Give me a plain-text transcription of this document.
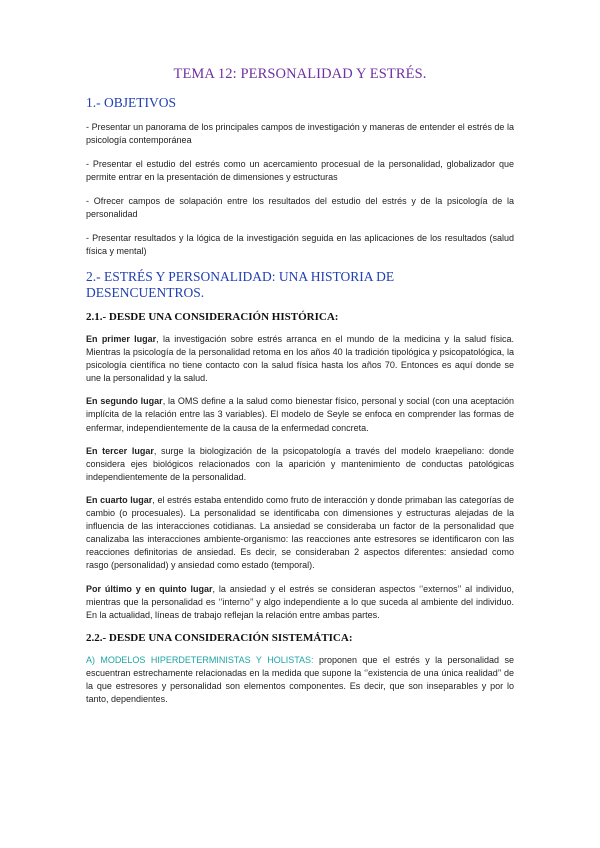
TEMA 12: PERSONALIDAD Y ESTRÉS.
1.- OBJETIVOS

- Presentar un panorama de los principales campos de investigación y maneras de entender el estrés de la psicología contemporánea

- Presentar el estudio del estrés como un acercamiento procesual de la personalidad, globalizador que permite entrar en la presentación de dimensiones y estructuras

- Ofrecer campos de solapación entre los resultados del estudio del estrés y de la psicología de la personalidad

- Presentar resultados y la lógica de la investigación seguida en las aplicaciones de los resultados (salud física y mental)

2.- ESTRÉS Y PERSONALIDAD: UNA HISTORIA DE DESENCUENTROS.
2.1.- DESDE UNA CONSIDERACIÓN HISTÓRICA:

En primer lugar, la investigación sobre estrés arranca en el mundo de la medicina y la salud física. Mientras la psicología de la personalidad retoma en los años 40 la tradición tipológica y psicopatológica, la psicología científica no tiene contacto con la salud física hasta los años 70. Entonces es aquí donde se une la personalidad y la salud.

En segundo lugar, la OMS define a la salud como bienestar físico, personal y social (con una aceptación implícita de la relación entre las 3 variables). El modelo de Seyle se enfoca en comprender las formas de enfermar, independientemente de la causa de la enfermedad concreta.

En tercer lugar, surge la biologización de la psicopatología a través del modelo kraepeliano: donde considera ejes biológicos relacionados con la aparición y mantenimiento de conductas patológicas independientemente de la personalidad.

En cuarto lugar, el estrés estaba entendido como fruto de interacción y donde primaban las categorías de cambio (o procesuales). La personalidad se identificaba con dimensiones y estructuras alejadas de la influencia de las interacciones cotidianas. La ansiedad se consideraba un factor de la personalidad que canalizaba las interacciones ambiente-organismo: las reacciones ante estresores se identificaron con las reacciones definitorias de ansiedad. Es decir, se consideraban 2 aspectos diferentes: ansiedad como rasgo (personalidad) y ansiedad como estado (temporal).

Por último y en quinto lugar, la ansiedad y el estrés se consideran aspectos ‘’externos’’ al individuo, mientras que la personalidad es ‘’interno’’ y algo independiente a lo que suceda al ambiente del individuo. En la actualidad, líneas de trabajo reflejan la relación entre ambas partes.

2.2.- DESDE UNA CONSIDERACIÓN SISTEMÁTICA:

A) MODELOS HIPERDETERMINISTAS Y HOLISTAS: proponen que el estrés y la personalidad se escuentran estrechamente relacionadas en la medida que supone la ‘’existencia de una única realidad’’ de la que estresores y personalidad son elementos componentes. Es decir, que son inseparables y por lo tanto, dependientes.
